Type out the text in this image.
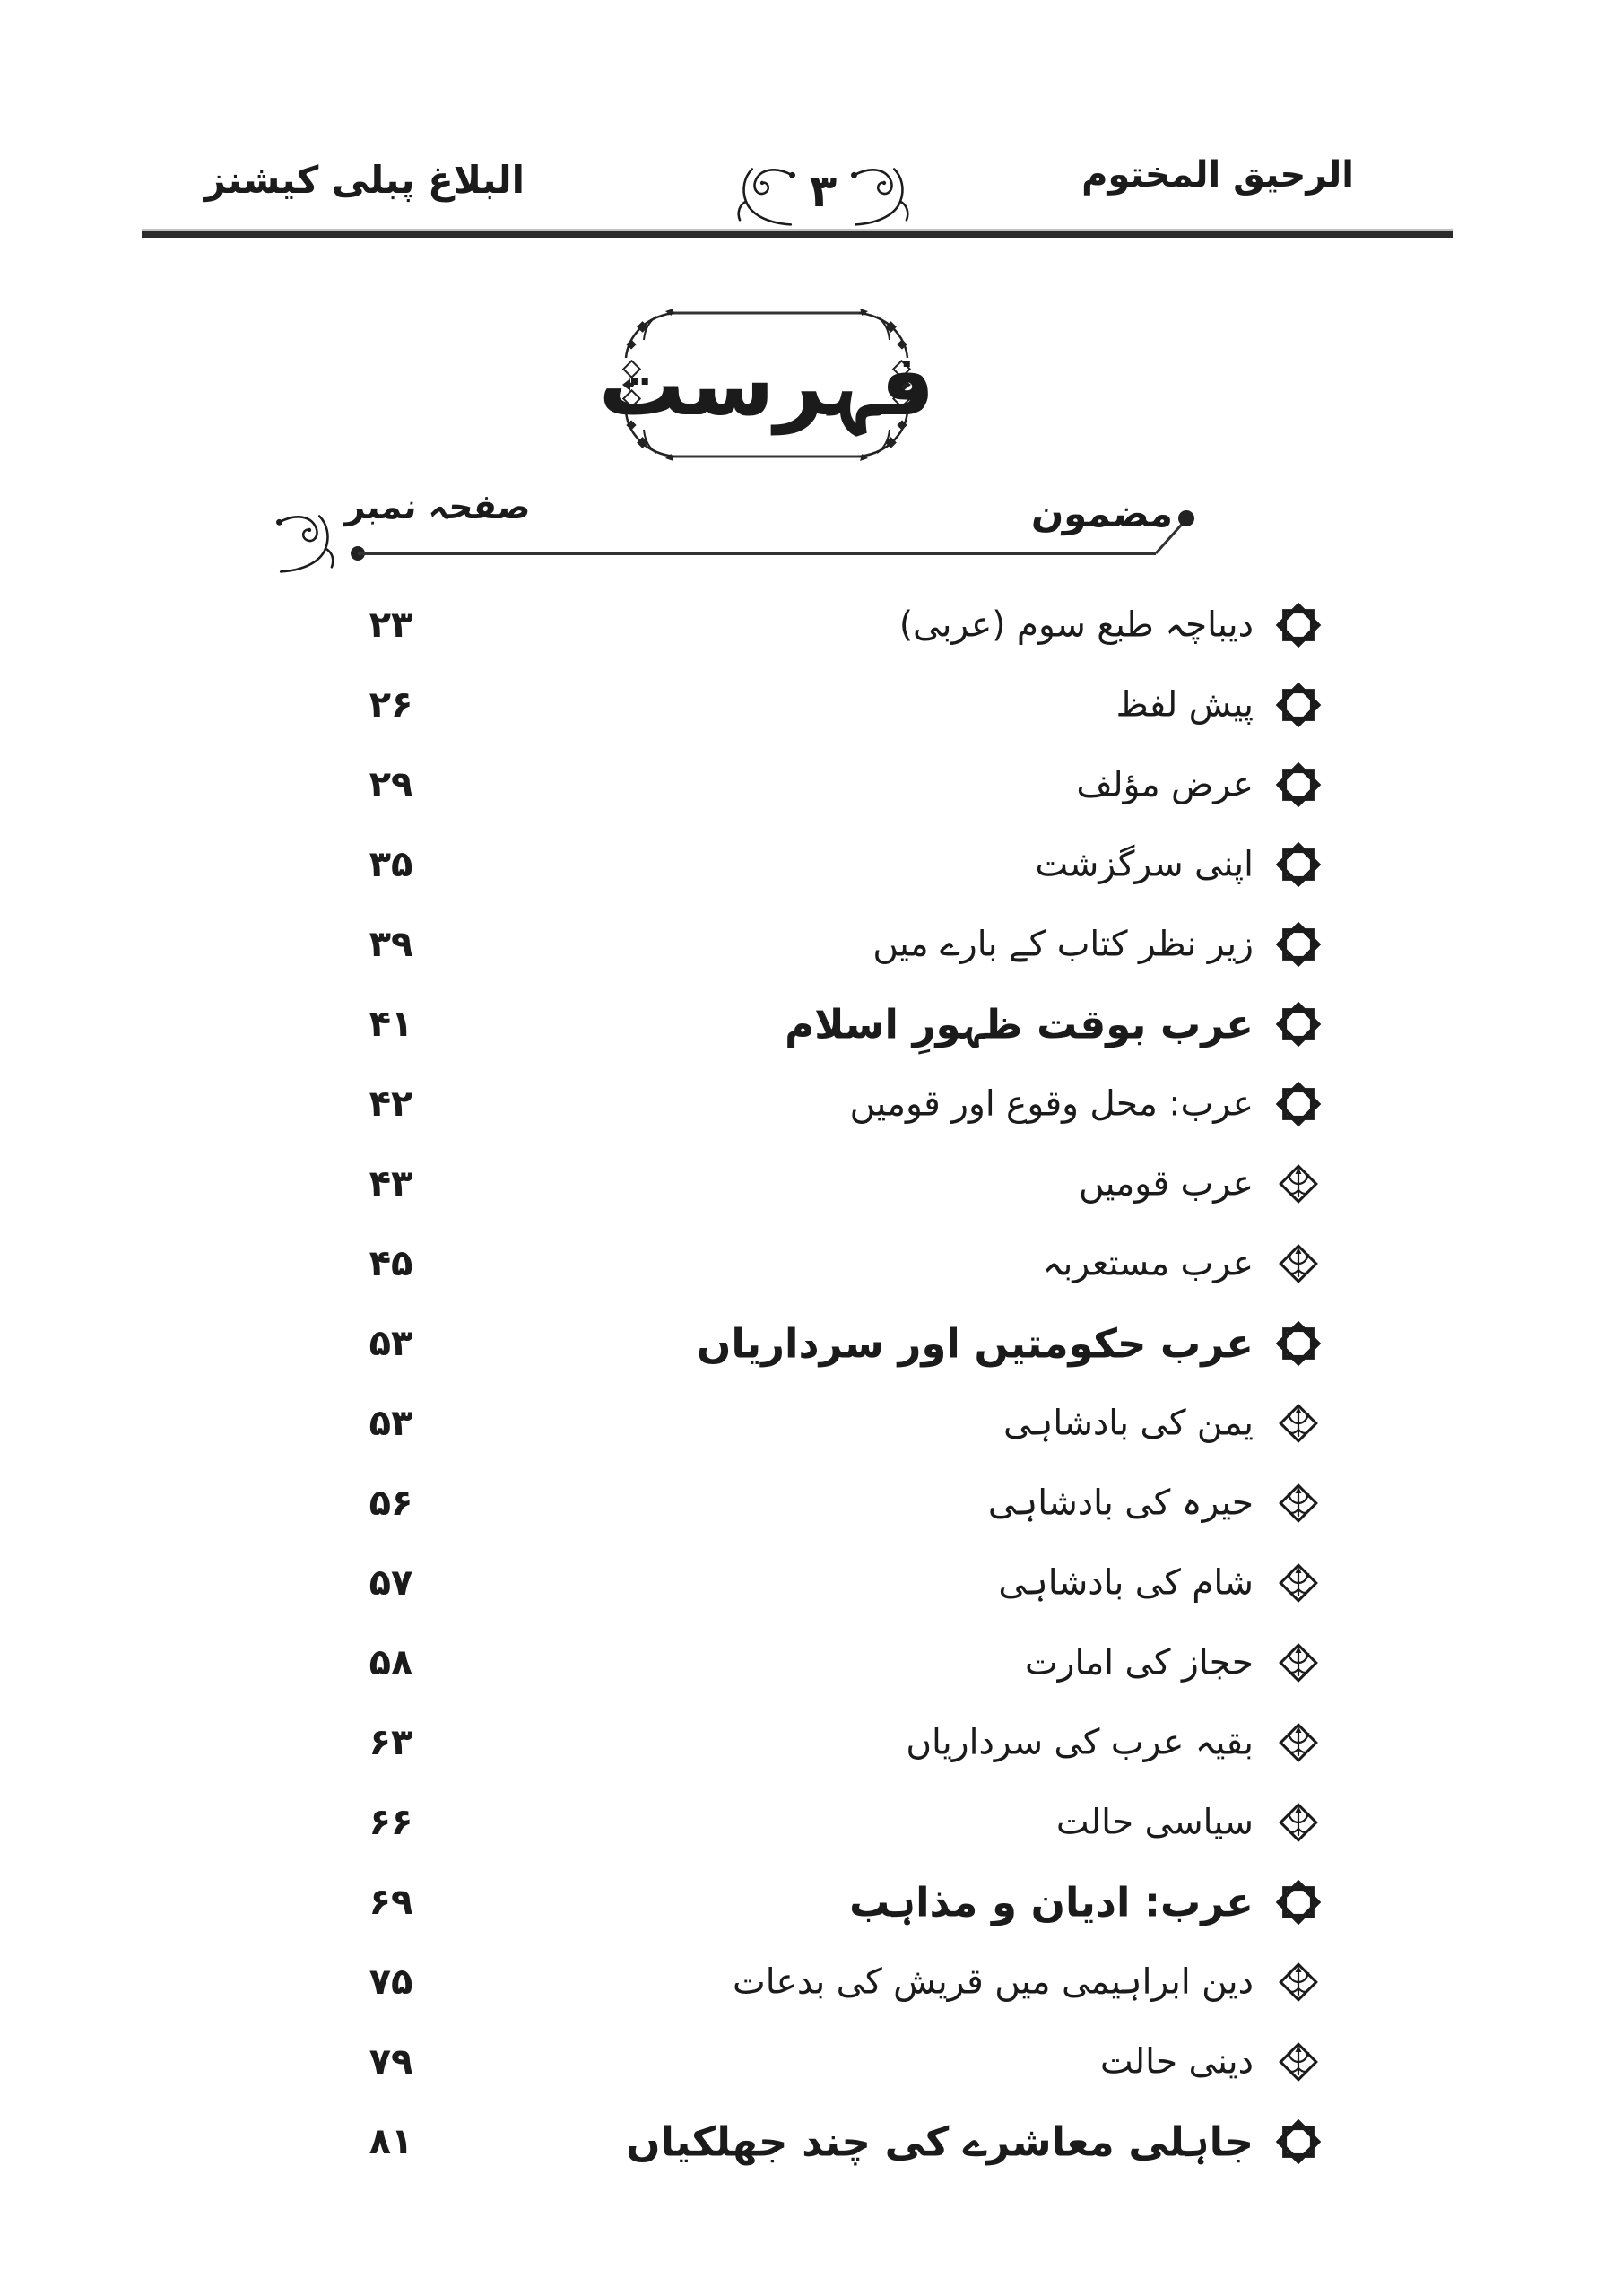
البلاغ پبلی کیشنز	۳	الرحیق المختوم
فہرست
مضمون
صفحہ نمبر
۲۳	دیباچہ طبع سوم (عربی)
۲۶	پیش لفظ
۲۹	عرض مؤلف
۳۵	اپنی سرگزشت
۳۹	زیر نظر کتاب کے بارے میں
۴۱	عرب بوقت ظہورِ اسلام
۴۲	عرب: محل وقوع اور قومیں
۴۳	عرب قومیں
۴۵	عرب مستعربہ
۵۳	عرب حکومتیں اور سرداریاں
۵۳	یمن کی بادشاہی
۵۶	حیرہ کی بادشاہی
۵۷	شام کی بادشاہی
۵۸	حجاز کی امارت
۶۳	بقیہ عرب کی سرداریاں
۶۶	سیاسی حالت
۶۹	عرب: ادیان و مذاہب
۷۵	دین ابراہیمی میں قریش کی بدعات
۷۹	دینی حالت
۸۱	جاہلی معاشرے کی چند جھلکیاں
